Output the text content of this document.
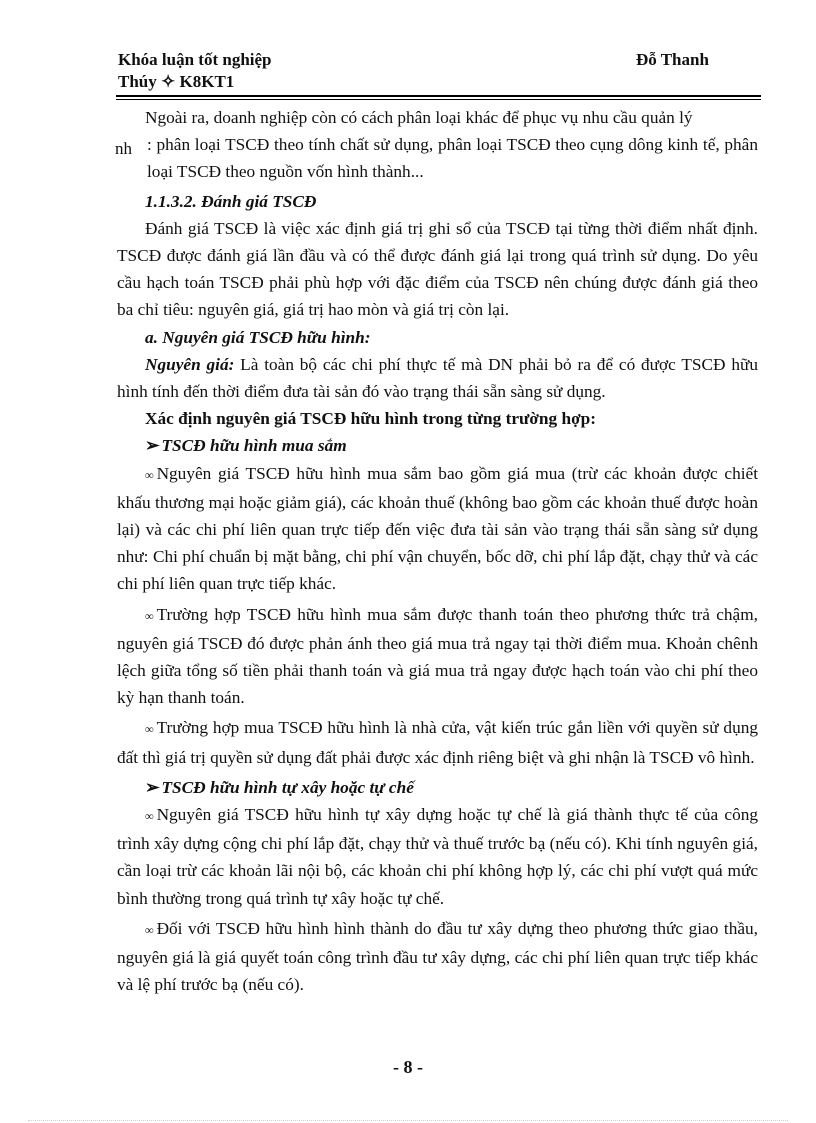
Khóa luận tốt nghiệp	Đỗ Thanh
Thúy ✧ K8KT1

Ngoài ra, doanh nghiệp còn có cách phân loại khác để phục vụ nhu cầu quản lý

nh : phân loại TSCĐ theo tính chất sử dụng, phân loại TSCĐ theo cụng dông kinh tế, phân loại TSCĐ theo nguồn vốn hình thành...

1.1.3.2. Đánh giá TSCĐ

Đánh giá TSCĐ là việc xác định giá trị ghi sổ của TSCĐ tại từng thời điểm nhất định. TSCĐ được đánh giá lần đầu và có thể được đánh giá lại trong quá trình sử dụng. Do yêu cầu hạch toán TSCĐ phải phù hợp với đặc điểm của TSCĐ nên chúng được đánh giá theo ba chỉ tiêu: nguyên giá, giá trị hao mòn và giá trị còn lại.

a. Nguyên giá TSCĐ hữu hình:

Nguyên giá: Là toàn bộ các chi phí thực tế mà DN phải bỏ ra để có được TSCĐ hữu hình tính đến thời điểm đưa tài sản đó vào trạng thái sẵn sàng sử dụng.

Xác định nguyên giá TSCĐ hữu hình trong từng trường hợp:

➢ TSCĐ hữu hình mua sắm

∞ Nguyên giá TSCĐ hữu hình mua sắm bao gồm giá mua (trừ các khoản được chiết khấu thương mại hoặc giảm giá), các khoản thuế (không bao gồm các khoản thuế được hoàn lại) và các chi phí liên quan trực tiếp đến việc đưa tài sản vào trạng thái sẵn sàng sử dụng như: Chi phí chuẩn bị mặt bằng, chi phí vận chuyển, bốc dỡ, chi phí lắp đặt, chạy thử và các chi phí liên quan trực tiếp khác.

∞ Trường hợp TSCĐ hữu hình mua sắm được thanh toán theo phương thức trả chậm, nguyên giá TSCĐ đó được phản ánh theo giá mua trả ngay tại thời điểm mua. Khoản chênh lệch giữa tổng số tiền phải thanh toán và giá mua trả ngay được hạch toán vào chi phí theo kỳ hạn thanh toán.

∞ Trường hợp mua TSCĐ hữu hình là nhà cửa, vật kiến trúc gắn liền với quyền sử dụng đất thì giá trị quyền sử dụng đất phải được xác định riêng biệt và ghi nhận là TSCĐ vô hình.

➢ TSCĐ hữu hình tự xây hoặc tự chế

∞ Nguyên giá TSCĐ hữu hình tự xây dựng hoặc tự chế là giá thành thực tế của công trình xây dựng cộng chi phí lắp đặt, chạy thử và thuế trước bạ (nếu có). Khi tính nguyên giá, cần loại trừ các khoản lãi nội bộ, các khoản chi phí không hợp lý, các chi phí vượt quá mức bình thường trong quá trình tự xây hoặc tự chế.

∞ Đối với TSCĐ hữu hình hình thành do đầu tư xây dựng theo phương thức giao thầu, nguyên giá là giá quyết toán công trình đầu tư xây dựng, các chi phí liên quan trực tiếp khác và lệ phí trước bạ (nếu có).

- 8 -
